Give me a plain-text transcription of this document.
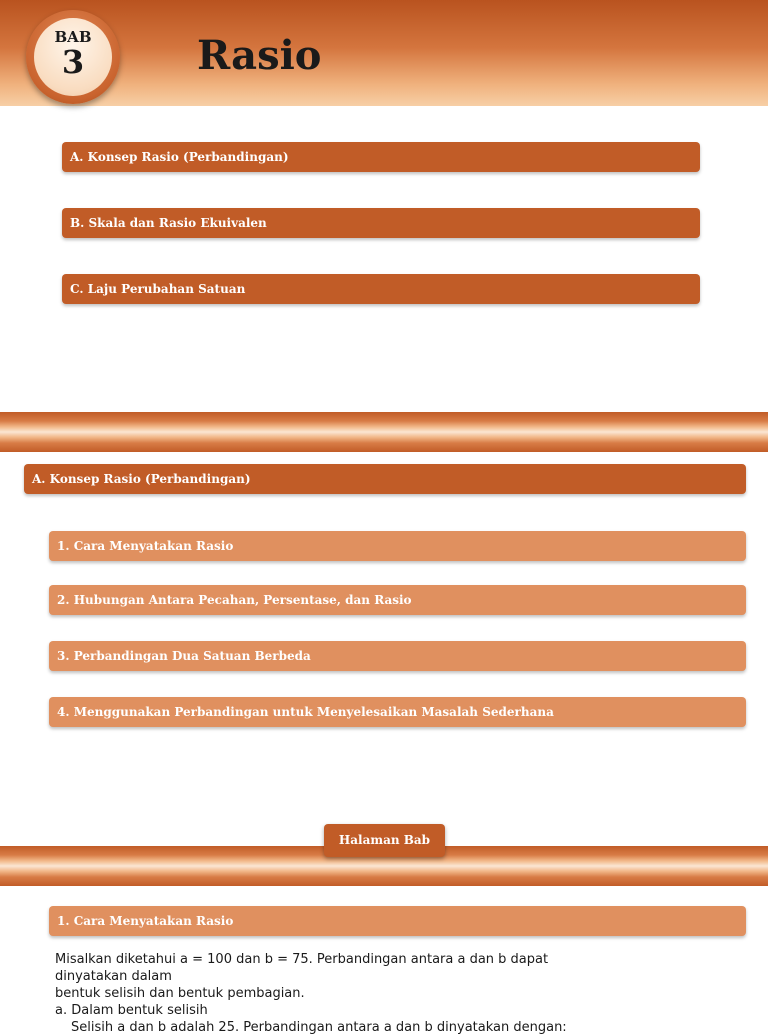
BAB
3	Rasio
A. Konsep Rasio (Perbandingan)
B. Skala dan Rasio Ekuivalen
C. Laju Perubahan Satuan
A. Konsep Rasio (Perbandingan)
1. Cara Menyatakan Rasio
2. Hubungan Antara Pecahan, Persentase, dan Rasio
3. Perbandingan Dua Satuan Berbeda
4. Menggunakan Perbandingan untuk Menyelesaikan Masalah Sederhana
Halaman Bab
1. Cara Menyatakan Rasio

Misalkan diketahui a = 100 dan b = 75. Perbandingan antara a dan b dapat dinyatakan dalam

bentuk selisih dan bentuk pembagian.

a. Dalam bentuk selisih

Selisih a dan b adalah 25. Perbandingan antara a dan b dinyatakan dengan:
